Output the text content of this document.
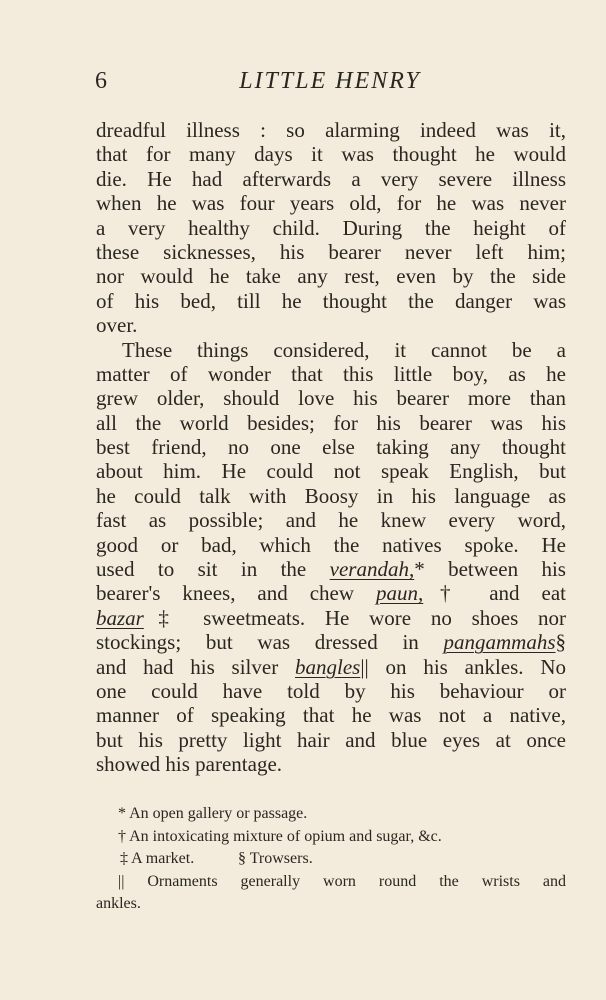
6	LITTLE HENRY
dreadful illness : so alarming indeed was it,
that for many days it was thought he would
die. He had afterwards a very severe illness
when he was four years old, for he was never
a very healthy child. During the height of
these sicknesses, his bearer never left him;
nor would he take any rest, even by the side
of his bed, till he thought the danger was
over.
These things considered, it cannot be a
matter of wonder that this little boy, as he
grew older, should love his bearer more than
all the world besides; for his bearer was his
best friend, no one else taking any thought
about him. He could not speak English, but
he could talk with Boosy in his language as
fast as possible; and he knew every word,
good or bad, which the natives spoke. He
used to sit in the verandah,* between his
bearer's knees, and chew paun,† and eat
bazar‡ sweetmeats. He wore no shoes nor
stockings; but was dressed in pangammahs§
and had his silver bangles|| on his ankles. No
one could have told by his behaviour or
manner of speaking that he was not a native,
but his pretty light hair and blue eyes at once
showed his parentage.
* An open gallery or passage.
† An intoxicating mixture of opium and sugar, &c.
‡ A market.	§ Trowsers.
|| Ornaments generally worn round the wrists and
ankles.
